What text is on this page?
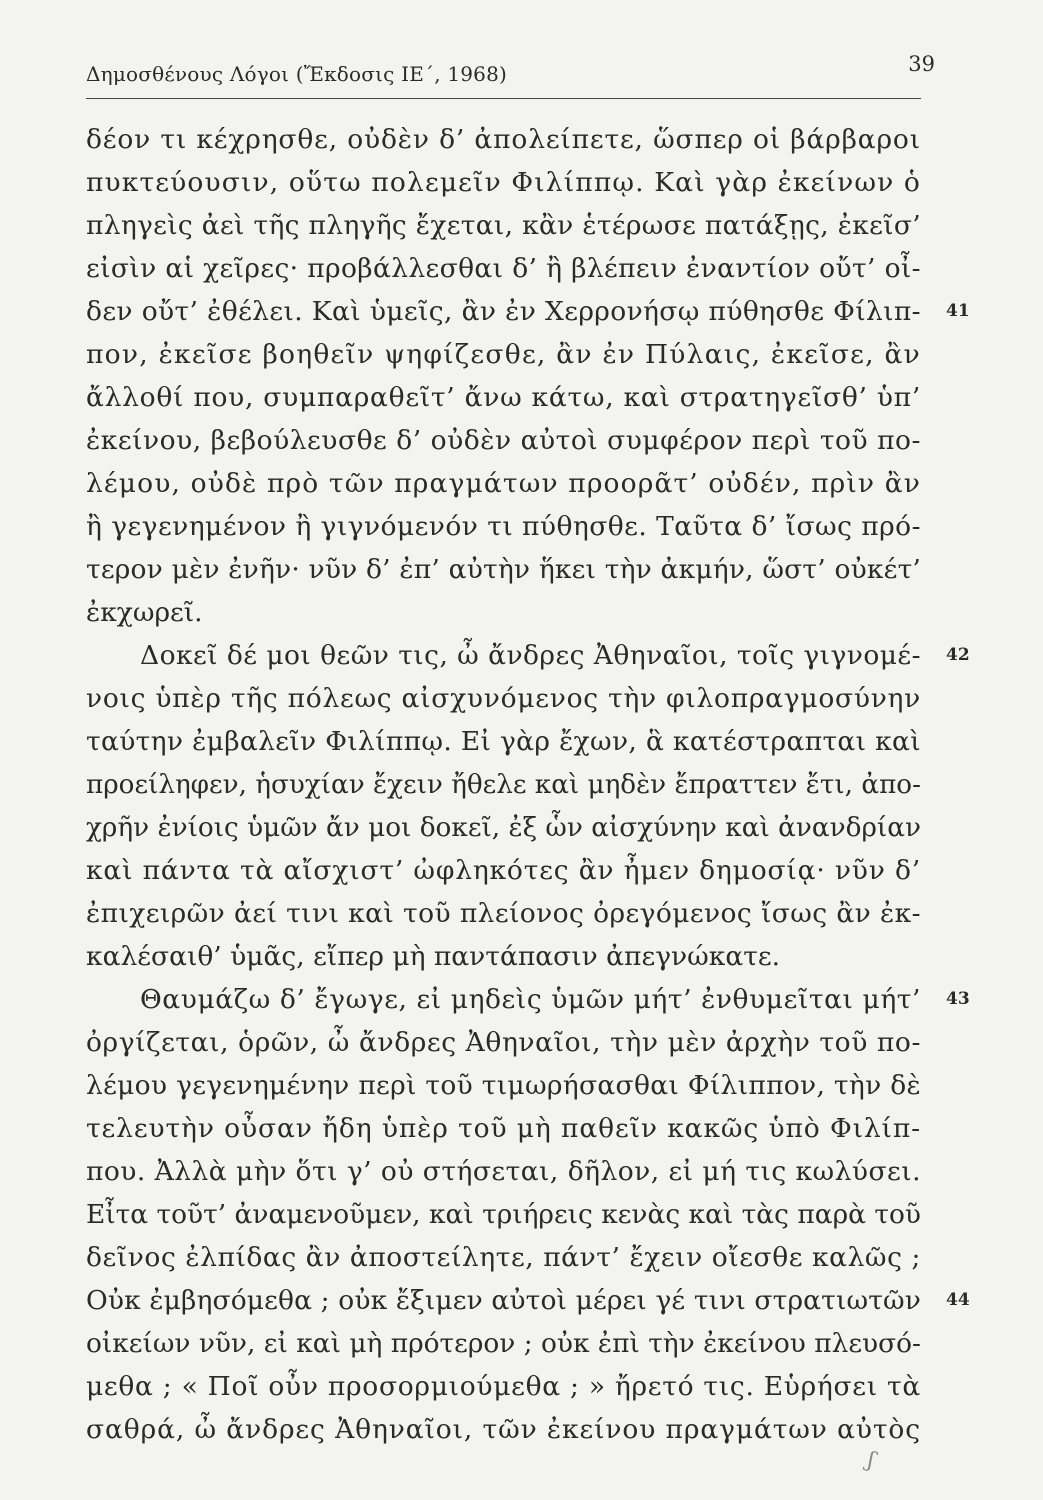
Δημοσθένους Λόγοι (Ἔκδοσις ΙΕ΄, 1968)	39
δέον τι κέχρησθε, οὐδὲν δ’ ἀπολείπετε, ὥσπερ οἱ βάρβαροι
πυκτεύουσιν, οὕτω πολεμεῖν Φιλίππῳ. Καὶ γὰρ ἐκείνων ὁ
πληγεὶς ἀεὶ τῆς πληγῆς ἔχεται, κἂν ἑτέρωσε πατάξῃς, ἐκεῖσ’
εἰσὶν αἱ χεῖρες· προβάλλεσθαι δ’ ἢ βλέπειν ἐναντίον οὔτ’ οἶ-
δεν οὔτ’ ἐθέλει. Καὶ ὑμεῖς, ἂν ἐν Χερρονήσῳ πύθησθε Φίλιπ- 41
πον, ἐκεῖσε βοηθεῖν ψηφίζεσθε, ἂν ἐν Πύλαις, ἐκεῖσε, ἂν
ἄλλοθί που, συμπαραθεῖτ’ ἄνω κάτω, καὶ στρατηγεῖσθ’ ὑπ’
ἐκείνου, βεβούλευσθε δ’ οὐδὲν αὐτοὶ συμφέρον περὶ τοῦ πο-
λέμου, οὐδὲ πρὸ τῶν πραγμάτων προορᾶτ’ οὐδέν, πρὶν ἂν
ἢ γεγενημένον ἢ γιγνόμενόν τι πύθησθε. Ταῦτα δ’ ἴσως πρό-
τερον μὲν ἐνῆν· νῦν δ’ ἐπ’ αὐτὴν ἥκει τὴν ἀκμήν, ὥστ’ οὐκέτ’
ἐκχωρεῖ.
Δοκεῖ δέ μοι θεῶν τις, ὦ ἄνδρες Ἀθηναῖοι, τοῖς γιγνομέ- 42
νοις ὑπὲρ τῆς πόλεως αἰσχυνόμενος τὴν φιλοπραγμοσύνην
ταύτην ἐμβαλεῖν Φιλίππῳ. Εἰ γὰρ ἔχων, ἃ κατέστραπται καὶ
προείληφεν, ἡσυχίαν ἔχειν ἤθελε καὶ μηδὲν ἔπραττεν ἔτι, ἀπο-
χρῆν ἐνίοις ὑμῶν ἄν μοι δοκεῖ, ἐξ ὧν αἰσχύνην καὶ ἀνανδρίαν
καὶ πάντα τὰ αἴσχιστ’ ὠφληκότες ἂν ἦμεν δημοσίᾳ· νῦν δ’
ἐπιχειρῶν ἀεί τινι καὶ τοῦ πλείονος ὀρεγόμενος ἴσως ἂν ἐκ-
καλέσαιθ’ ὑμᾶς, εἴπερ μὴ παντάπασιν ἀπεγνώκατε.
Θαυμάζω δ’ ἔγωγε, εἰ μηδεὶς ὑμῶν μήτ’ ἐνθυμεῖται μήτ’ 43
ὀργίζεται, ὁρῶν, ὦ ἄνδρες Ἀθηναῖοι, τὴν μὲν ἀρχὴν τοῦ πο-
λέμου γεγενημένην περὶ τοῦ τιμωρήσασθαι Φίλιππον, τὴν δὲ
τελευτὴν οὖσαν ἤδη ὑπὲρ τοῦ μὴ παθεῖν κακῶς ὑπὸ Φιλίπ-
που. Ἀλλὰ μὴν ὅτι γ’ οὐ στήσεται, δῆλον, εἰ μή τις κωλύσει.
Εἶτα τοῦτ’ ἀναμενοῦμεν, καὶ τριήρεις κενὰς καὶ τὰς παρὰ τοῦ
δεῖνος ἐλπίδας ἂν ἀποστείλητε, πάντ’ ἔχειν οἴεσθε καλῶς ;
Οὐκ ἐμβησόμεθα ; οὐκ ἔξιμεν αὐτοὶ μέρει γέ τινι στρατιωτῶν 44
οἰκείων νῦν, εἰ καὶ μὴ πρότερον ; οὐκ ἐπὶ τὴν ἐκείνου πλευσό-
μεθα ; « Ποῖ οὖν προσορμιούμεθα ; » ἤρετό τις. Εὑρήσει τὰ
σαθρά, ὦ ἄνδρες Ἀθηναῖοι, τῶν ἐκείνου πραγμάτων αὐτὸς
ʃ
